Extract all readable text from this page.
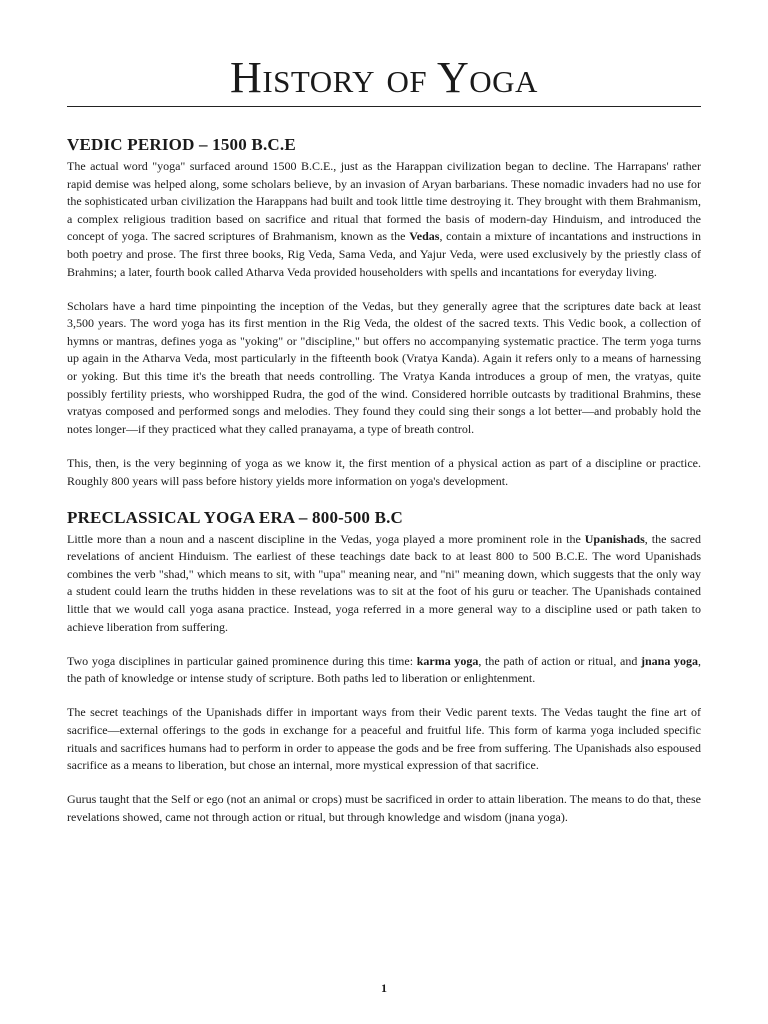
History of Yoga
VEDIC PERIOD – 1500 B.C.E

The actual word "yoga" surfaced around 1500 B.C.E., just as the Harappan civilization began to decline. The Harrapans' rather rapid demise was helped along, some scholars believe, by an invasion of Aryan barbarians. These nomadic invaders had no use for the sophisticated urban civilization the Harappans had built and took little time destroying it. They brought with them Brahmanism, a complex religious tradition based on sacrifice and ritual that formed the basis of modern-day Hinduism, and introduced the concept of yoga. The sacred scriptures of Brahmanism, known as the Vedas, contain a mixture of incantations and instructions in both poetry and prose. The first three books, Rig Veda, Sama Veda, and Yajur Veda, were used exclusively by the priestly class of Brahmins; a later, fourth book called Atharva Veda provided householders with spells and incantations for everyday living.

Scholars have a hard time pinpointing the inception of the Vedas, but they generally agree that the scriptures date back at least 3,500 years. The word yoga has its first mention in the Rig Veda, the oldest of the sacred texts. This Vedic book, a collection of hymns or mantras, defines yoga as "yoking" or "discipline," but offers no accompanying systematic practice. The term yoga turns up again in the Atharva Veda, most particularly in the fifteenth book (Vratya Kanda). Again it refers only to a means of harnessing or yoking. But this time it's the breath that needs controlling. The Vratya Kanda introduces a group of men, the vratyas, quite possibly fertility priests, who worshipped Rudra, the god of the wind. Considered horrible outcasts by traditional Brahmins, these vratyas composed and performed songs and melodies. They found they could sing their songs a lot better—and probably hold the notes longer—if they practiced what they called pranayama, a type of breath control.

This, then, is the very beginning of yoga as we know it, the first mention of a physical action as part of a discipline or practice. Roughly 800 years will pass before history yields more information on yoga's development.

PRECLASSICAL YOGA ERA – 800-500 B.C

Little more than a noun and a nascent discipline in the Vedas, yoga played a more prominent role in the Upanishads, the sacred revelations of ancient Hinduism. The earliest of these teachings date back to at least 800 to 500 B.C.E. The word Upanishads combines the verb "shad," which means to sit, with "upa" meaning near, and "ni" meaning down, which suggests that the only way a student could learn the truths hidden in these revelations was to sit at the foot of his guru or teacher. The Upanishads contained little that we would call yoga asana practice. Instead, yoga referred in a more general way to a discipline used or path taken to achieve liberation from suffering.

Two yoga disciplines in particular gained prominence during this time: karma yoga, the path of action or ritual, and jnana yoga, the path of knowledge or intense study of scripture. Both paths led to liberation or enlightenment.

The secret teachings of the Upanishads differ in important ways from their Vedic parent texts. The Vedas taught the fine art of sacrifice—external offerings to the gods in exchange for a peaceful and fruitful life. This form of karma yoga included specific rituals and sacrifices humans had to perform in order to appease the gods and be free from suffering. The Upanishads also espoused sacrifice as a means to liberation, but chose an internal, more mystical expression of that sacrifice.

Gurus taught that the Self or ego (not an animal or crops) must be sacrificed in order to attain liberation. The means to do that, these revelations showed, came not through action or ritual, but through knowledge and wisdom (jnana yoga).

1
